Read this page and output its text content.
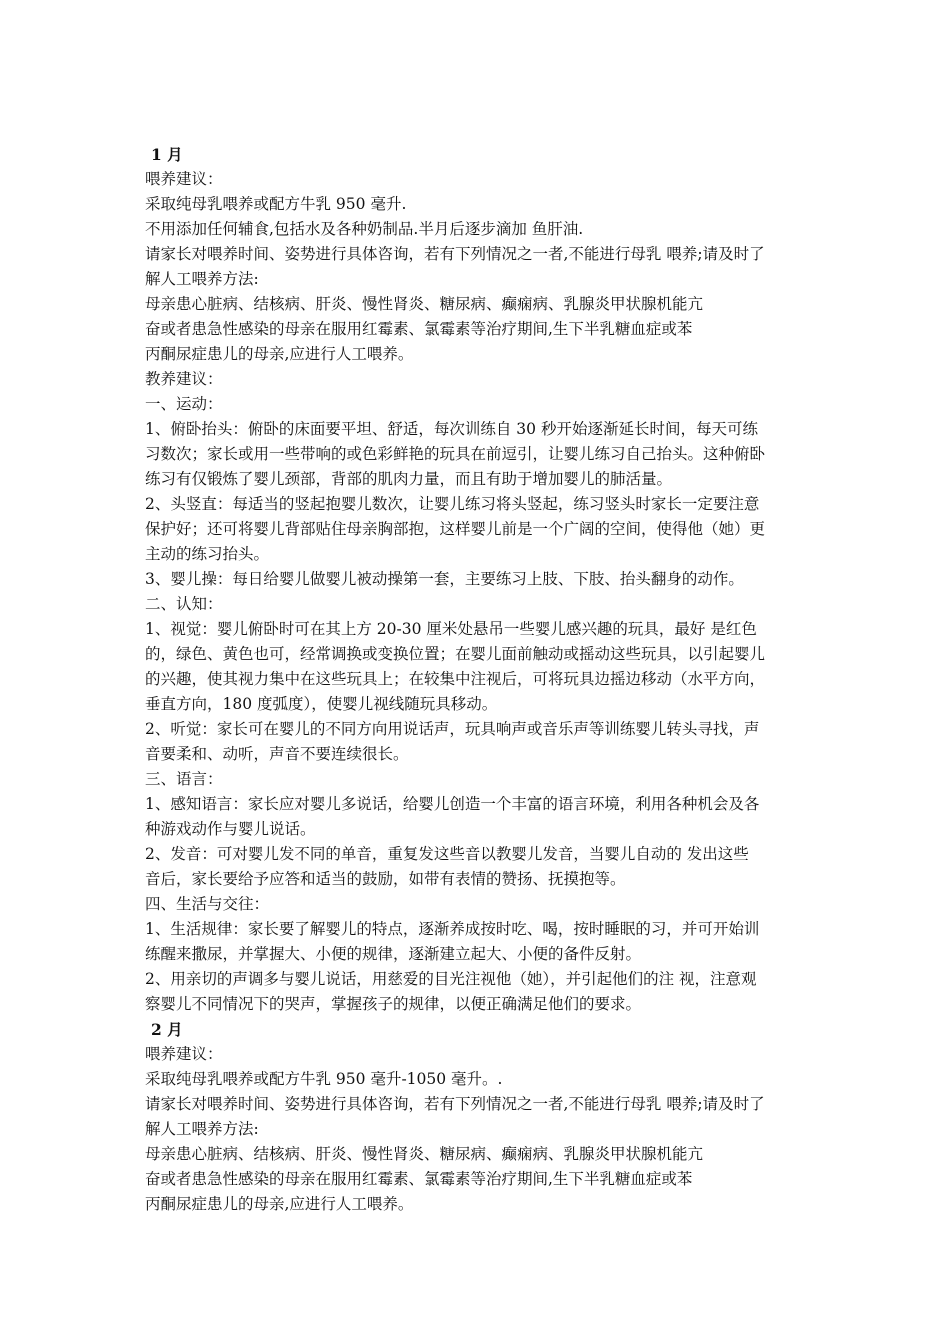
1 月
喂养建议：
采取纯母乳喂养或配方牛乳 950 毫升.
不用添加任何辅食,包括水及各种奶制品.半月后逐步滴加 鱼肝油.
请家长对喂养时间、姿势进行具体咨询，若有下列情况之一者,不能进行母乳 喂养;请及时了
解人工喂养方法:
母亲患心脏病、结核病、肝炎、慢性肾炎、糖尿病、癫痫病、乳腺炎甲状腺机能亢
奋或者患急性感染的母亲在服用红霉素、氯霉素等治疗期间,生下半乳糖血症或苯
丙酮尿症患儿的母亲,应进行人工喂养。
教养建议：
一、运动：
1、俯卧抬头：俯卧的床面要平坦、舒适，每次训练自 30 秒开始逐渐延长时间，每天可练
习数次；家长或用一些带响的或色彩鲜艳的玩具在前逗引，让婴儿练习自己抬头。这种俯卧
练习有仅锻炼了婴儿颈部，背部的肌肉力量，而且有助于增加婴儿的肺活量。
2、头竖直：每适当的竖起抱婴儿数次，让婴儿练习将头竖起，练习竖头时家长一定要注意
保护好；还可将婴儿背部贴住母亲胸部抱，这样婴儿前是一个广阔的空间，使得他（她）更
主动的练习抬头。
3、婴儿操：每日给婴儿做婴儿被动操第一套，主要练习上肢、下肢、抬头翻身的动作。
二、认知：
1、视觉：婴儿俯卧时可在其上方 20-30 厘米处悬吊一些婴儿感兴趣的玩具，最好 是红色
的，绿色、黄色也可，经常调换或变换位置；在婴儿面前触动或摇动这些玩具，以引起婴儿
的兴趣，使其视力集中在这些玩具上；在较集中注视后，可将玩具边摇边移动（水平方向，
垂直方向，180 度弧度），使婴儿视线随玩具移动。
2、听觉：家长可在婴儿的不同方向用说话声，玩具响声或音乐声等训练婴儿转头寻找，声
音要柔和、动听，声音不要连续很长。
三、语言：
1、感知语言：家长应对婴儿多说话，给婴儿创造一个丰富的语言环境，利用各种机会及各
种游戏动作与婴儿说话。
2、发音：可对婴儿发不同的单音，重复发这些音以教婴儿发音，当婴儿自动的 发出这些
音后，家长要给予应答和适当的鼓励，如带有表情的赞扬、抚摸抱等。
四、生活与交往：
1、生活规律：家长要了解婴儿的特点，逐渐养成按时吃、喝，按时睡眠的习，并可开始训
练醒来撒尿，并掌握大、小便的规律，逐渐建立起大、小便的备件反射。
2、用亲切的声调多与婴儿说话，用慈爱的目光注视他（她），并引起他们的注 视，注意观
察婴儿不同情况下的哭声，掌握孩子的规律，以便正确满足他们的要求。
2 月
喂养建议：
采取纯母乳喂养或配方牛乳 950 毫升-1050 毫升。.
请家长对喂养时间、姿势进行具体咨询，若有下列情况之一者,不能进行母乳 喂养;请及时了
解人工喂养方法:
母亲患心脏病、结核病、肝炎、慢性肾炎、糖尿病、癫痫病、乳腺炎甲状腺机能亢
奋或者患急性感染的母亲在服用红霉素、氯霉素等治疗期间,生下半乳糖血症或苯
丙酮尿症患儿的母亲,应进行人工喂养。
